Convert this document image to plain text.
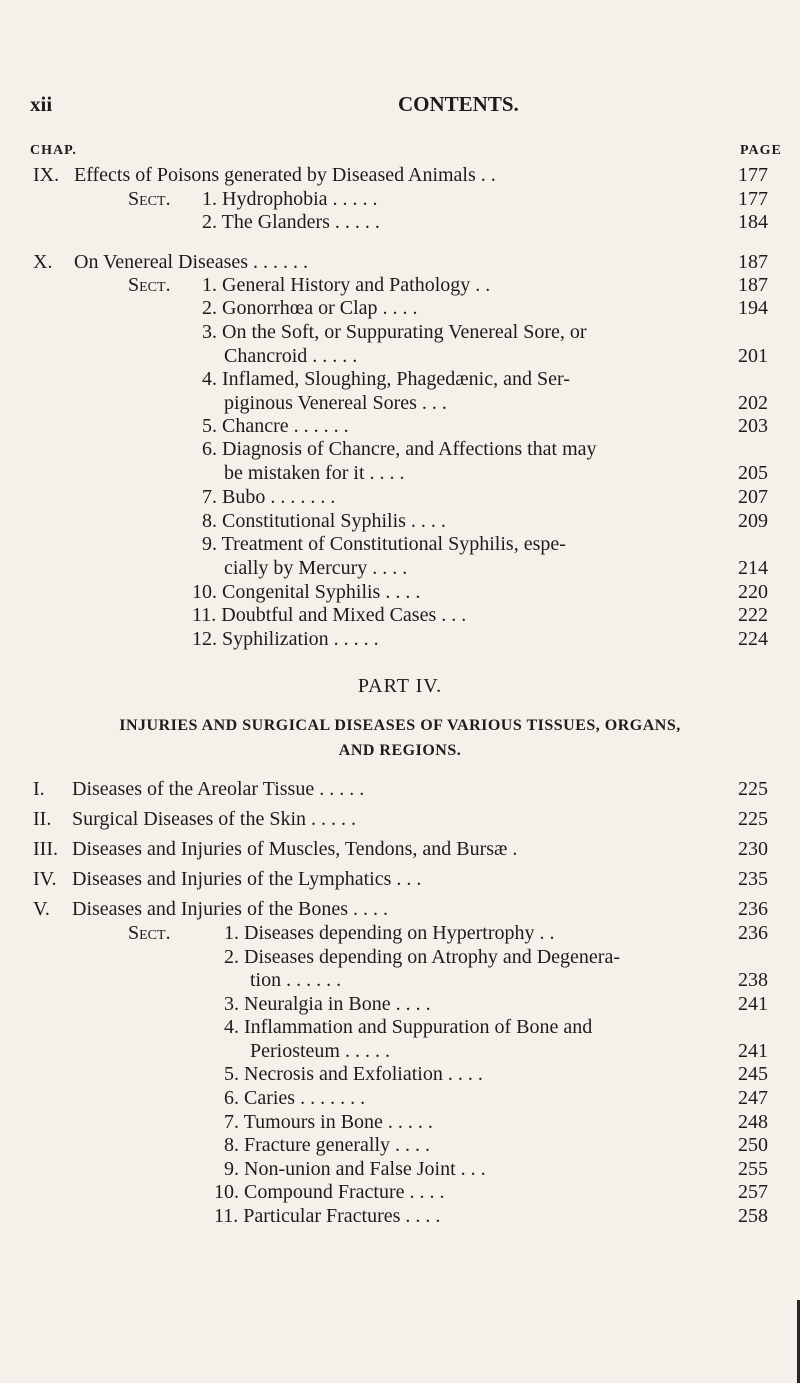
xii	CONTENTS.
CHAP.	PAGE
IX. Effects of Poisons generated by Diseased Animals . .	177
Sect. 1. Hydrophobia . . . . .	177
2. The Glanders . . . . .	184
X. On Venereal Diseases . . . . . .	187
Sect. 1. General History and Pathology . .	187
2. Gonorrhœa or Clap . . . .	194
3. On the Soft, or Suppurating Venereal Sore, or
Chancroid . . . . .	201
4. Inflamed, Sloughing, Phagedænic, and Ser-
piginous Venereal Sores . . .	202
5. Chancre . . . . . .	203
6. Diagnosis of Chancre, and Affections that may
be mistaken for it . . . .	205
7. Bubo . . . . . . .	207
8. Constitutional Syphilis . . . .	209
9. Treatment of Constitutional Syphilis, espe-
cially by Mercury . . . .	214
10. Congenital Syphilis . . . .	220
11. Doubtful and Mixed Cases . . .	222
12. Syphilization . . . . .	224
PART IV.
INJURIES AND SURGICAL DISEASES OF VARIOUS TISSUES, ORGANS,
AND REGIONS.
I. Diseases of the Areolar Tissue . . . . .	225
II. Surgical Diseases of the Skin . . . . .	225
III. Diseases and Injuries of Muscles, Tendons, and Bursæ .	230
IV. Diseases and Injuries of the Lymphatics . . .	235
V. Diseases and Injuries of the Bones . . . .	236
Sect.	1. Diseases depending on Hypertrophy . .	236
2. Diseases depending on Atrophy and Degenera-
tion . . . . . .	238
3. Neuralgia in Bone . . . .	241
4. Inflammation and Suppuration of Bone and
Periosteum . . . . .	241
5. Necrosis and Exfoliation . . . .	245
6. Caries . . . . . . .	247
7. Tumours in Bone . . . . .	248
8. Fracture generally . . . .	250
9. Non-union and False Joint . . .	255
10. Compound Fracture . . . .	257
11. Particular Fractures . . . .	258
